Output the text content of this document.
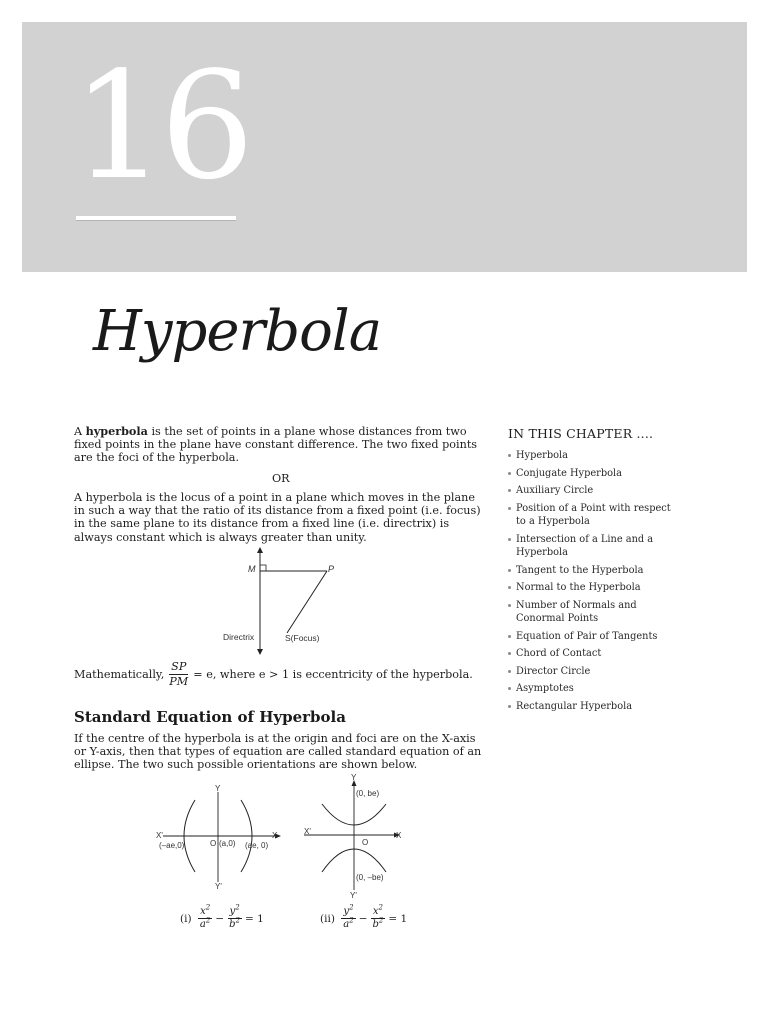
16
Hyperbola
A hyperbola is the set of points in a plane whose distances from two fixed points in the plane have constant difference. The two fixed points are the foci of the hyperbola.
OR
A hyperbola is the locus of a point in a plane which moves in the plane in such a way that the ratio of its distance from a fixed point (i.e. focus) in the same plane to its distance from a fixed line (i.e. directrix) is always constant which is always greater than unity.
M	P
Directrix	S(Focus)
Mathematically, $\frac{SP}{PM} = e$, where e > 1 is eccentricity of the hyperbola.
Standard Equation of Hyperbola
If the centre of the hyperbola is at the origin and foci are on the X-axis or Y-axis, then that types of equation are called standard equation of an ellipse. The two such possible orientations are shown below.
Y
Y'
X
X'
(–ae,0)	O (a,0) (ae, 0)
Y
Y'
X
X'
(0, be)
O
(0, –be)
(i)
$\frac{x^2}{a^2} - \frac{y^2}{b^2} = 1$	(ii)
$\frac{y^2}{a^2} - \frac{x^2}{b^2} = 1$
IN THIS CHAPTER ....
Hyperbola
Conjugate Hyperbola
Auxiliary Circle
Position of a Point with respect to a Hyperbola
Intersection of a Line and a Hyperbola
Tangent to the Hyperbola
Normal to the Hyperbola
Number of Normals and Conormal Points
Equation of Pair of Tangents
Chord of Contact
Director Circle
Asymptotes
Rectangular Hyperbola
